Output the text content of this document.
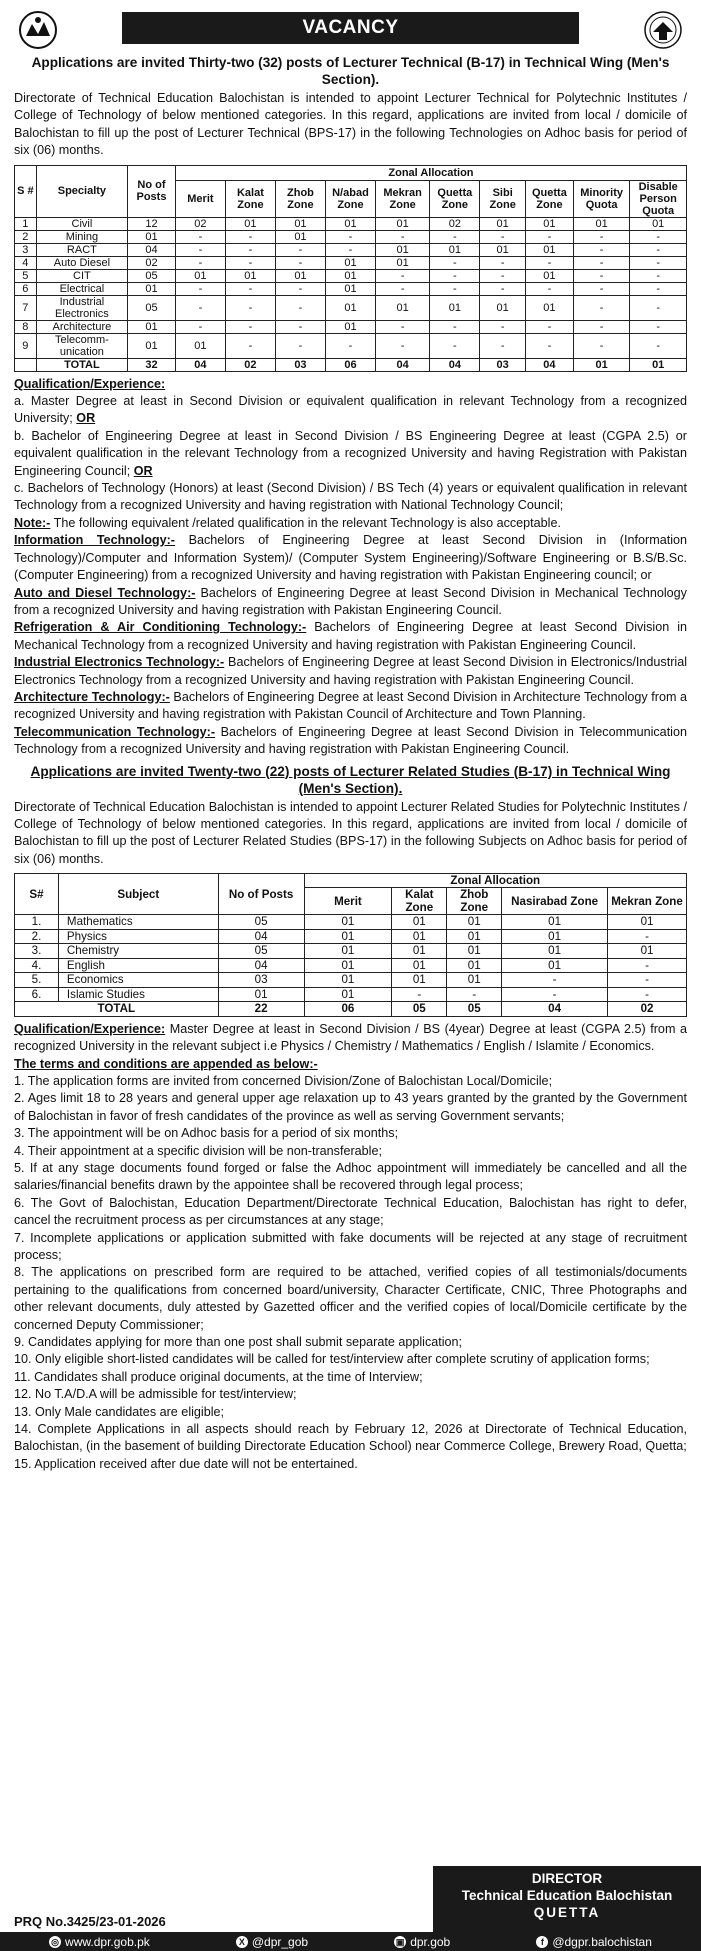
VACANCY
Applications are invited Thirty-two (32) posts of Lecturer Technical (B-17) in Technical Wing (Men's Section).

Directorate of Technical Education Balochistan is intended to appoint Lecturer Technical for Polytechnic Institutes / College of Technology of below mentioned categories. In this regard, applications are invited from local / domicile of Balochistan to fill up the post of Lecturer Technical (BPS-17) in the following Technologies on Adhoc basis for period of six (06) months.

S #	Specialty	No of Posts	Zonal Allocation									
			Merit	Kalat Zone	Zhob Zone	N/abad Zone	Mekran Zone	Quetta Zone	Sibi Zone	Quetta Zone	Minority Quota	Disable Person Quota
1	Civil	12	02	01	01	01	01	02	01	01	01	01
2	Mining	01	-	-	01	-	-	-	-	-	-	-
3	RACT	04	-	-	-	-	01	01	01	01	-	-
4	Auto Diesel	02	-	-	-	01	01	-	-	-	-	-
5	CIT	05	01	01	01	01	-	-	-	01	-	-
6	Electrical	01	-	-	-	01	-	-	-	-	-	-
7	Industrial Electronics	05	-	-	-	01	01	01	01	01	-	-
8	Architecture	01	-	-	-	01	-	-	-	-	-	-
9	Telecomm-unication	01	01	-	-	-	-	-	-	-	-	-
	TOTAL	32	04	02	03	06	04	04	03	04	01	01
Qualification/Experience:

a. Master Degree at least in Second Division or equivalent qualification in relevant Technology from a recognized University; OR

b. Bachelor of Engineering Degree at least in Second Division / BS Engineering Degree at least (CGPA 2.5) or equivalent qualification in the relevant Technology from a recognized University and having Registration with Pakistan Engineering Council; OR

c. Bachelors of Technology (Honors) at least (Second Division) / BS Tech (4) years or equivalent qualification in relevant Technology from a recognized University and having registration with National Technology Council;

Note:- The following equivalent /related qualification in the relevant Technology is also acceptable.

Information Technology:- Bachelors of Engineering Degree at least Second Division in (Information Technology)/Computer and Information System)/ (Computer System Engineering)/Software Engineering or B.S/B.Sc. (Computer Engineering) from a recognized University and having registration with Pakistan Engineering council; or

Auto and Diesel Technology:- Bachelors of Engineering Degree at least Second Division in Mechanical Technology from a recognized University and having registration with Pakistan Engineering Council.

Refrigeration & Air Conditioning Technology:- Bachelors of Engineering Degree at least Second Division in Mechanical Technology from a recognized University and having registration with Pakistan Engineering Council.

Industrial Electronics Technology:- Bachelors of Engineering Degree at least Second Division in Electronics/Industrial Electronics Technology from a recognized University and having registration with Pakistan Engineering Council.

Architecture Technology:- Bachelors of Engineering Degree at least Second Division in Architecture Technology from a recognized University and having registration with Pakistan Council of Architecture and Town Planning.

Telecommunication Technology:- Bachelors of Engineering Degree at least Second Division in Telecommunication Technology from a recognized University and having registration with Pakistan Engineering Council.

Applications are invited Twenty-two (22) posts of Lecturer Related Studies (B-17) in Technical Wing (Men's Section).

Directorate of Technical Education Balochistan is intended to appoint Lecturer Related Studies for Polytechnic Institutes / College of Technology of below mentioned categories. In this regard, applications are invited from local / domicile of Balochistan to fill up the post of Lecturer Related Studies (BPS-17) in the following Subjects on Adhoc basis for period of six (06) months.

S#	Subject	No of Posts	Zonal Allocation				
			Merit	Kalat Zone	Zhob Zone	Nasirabad Zone	Mekran Zone
1.	Mathematics	05	01	01	01	01	01
2.	Physics	04	01	01	01	01	-
3.	Chemistry	05	01	01	01	01	01
4.	English	04	01	01	01	01	-
5.	Economics	03	01	01	01	-	-
6.	Islamic Studies	01	01	-	-	-	-
TOTAL		22	06	05	05	04	02

Qualification/Experience: Master Degree at least in Second Division / BS (4year) Degree at least (CGPA 2.5) from a recognized University in the relevant subject i.e Physics / Chemistry / Mathematics / English / Islamite / Economics.

The terms and conditions are appended as below:-

1. The application forms are invited from concerned Division/Zone of Balochistan Local/Domicile;

2. Ages limit 18 to 28 years and general upper age relaxation up to 43 years granted by the granted by the Government of Balochistan in favor of fresh candidates of the province as well as serving Government servants;

3. The appointment will be on Adhoc basis for a period of six months;

4. Their appointment at a specific division will be non-transferable;

5. If at any stage documents found forged or false the Adhoc appointment will immediately be cancelled and all the salaries/financial benefits drawn by the appointee shall be recovered through legal process;

6. The Govt of Balochistan, Education Department/Directorate Technical Education, Balochistan has right to defer, cancel the recruitment process as per circumstances at any stage;

7. Incomplete applications or application submitted with fake documents will be rejected at any stage of recruitment process;

8. The applications on prescribed form are required to be attached, verified copies of all testimonials/documents pertaining to the qualifications from concerned board/university, Character Certificate, CNIC, Three Photographs and other relevant documents, duly attested by Gazetted officer and the verified copies of local/Domicile certificate by the concerned Deputy Commissioner;

9. Candidates applying for more than one post shall submit separate application;

10. Only eligible short-listed candidates will be called for test/interview after complete scrutiny of application forms;

11. Candidates shall produce original documents, at the time of Interview;

12. No T.A/D.A will be admissible for test/interview;

13. Only Male candidates are eligible;

14. Complete Applications in all aspects should reach by February 12, 2026 at Directorate of Technical Education, Balochistan, (in the basement of building Directorate Education School) near Commerce College, Brewery Road, Quetta;

15. Application received after due date will not be entertained.

PRQ No.3425/23-01-2026
DIRECTOR
Technical Education Balochistan
QUETTA
◎ www.dpr.gob.pk	X @dpr_gob	▣ dpr.gob	f @dgpr.balochistan
